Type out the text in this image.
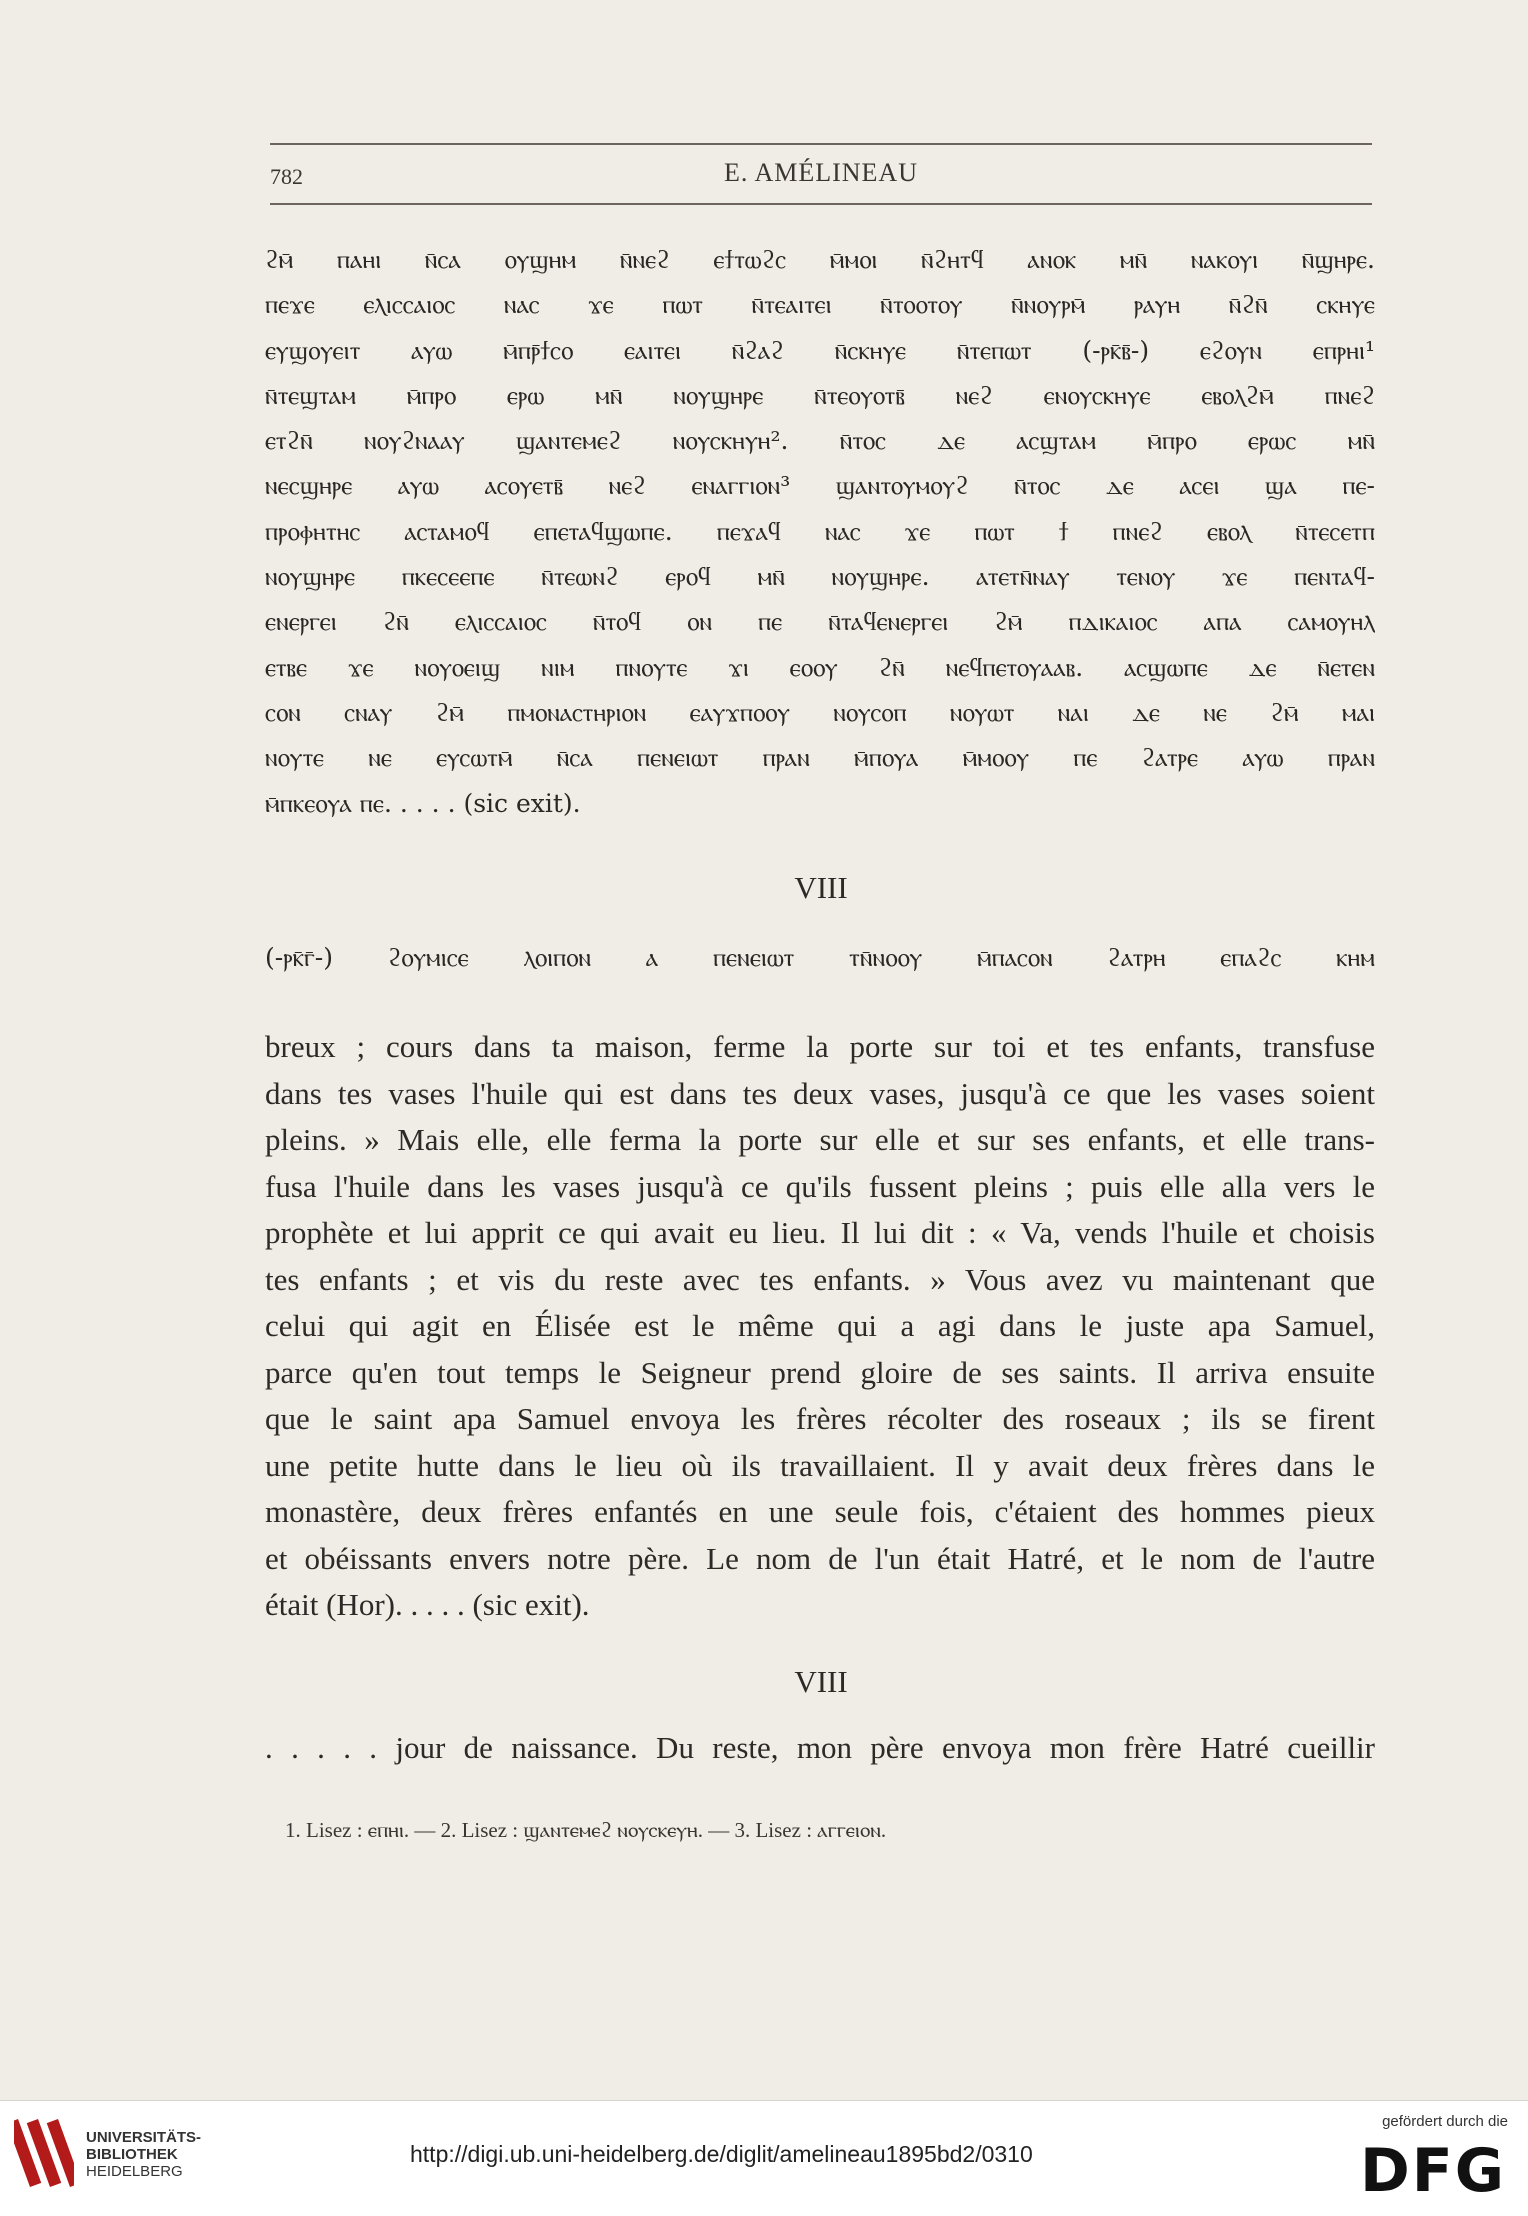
782	E. AMÉLINEAU

ϩⲙ̄ ⲡⲁⲏⲓ ⲛ̄ⲥⲁ ⲟⲩϣⲏⲙ ⲛ̄ⲛⲉϩ ⲉϯⲧⲱϩⲥ ⲙ̄ⲙⲟⲓ ⲛ̄ϩⲏⲧϥ ⲁⲛⲟⲕ ⲙⲛ̄ ⲛⲁⲕⲟⲩⲓ ⲛ̄ϣⲏⲣⲉ.

ⲡⲉϫⲉ ⲉⲗⲓⲥⲥⲁⲓⲟⲥ ⲛⲁⲥ ϫⲉ ⲡⲱⲧ ⲛ̄ⲧⲉⲁⲓⲧⲉⲓ ⲛ̄ⲧⲟⲟⲧⲟⲩ ⲛ̄ⲛⲟⲩⲣⲙ̄ ⲣⲁⲩⲏ ⲛ̄ϩⲛ̄ ⲥⲕⲏⲩⲉ

ⲉⲩϣⲟⲩⲉⲓⲧ ⲁⲩⲱ ⲙ̄ⲡⲣ̄ϯⲥⲟ ⲉⲁⲓⲧⲉⲓ ⲛ̄ϩⲁϩ ⲛ̄ⲥⲕⲏⲩⲉ ⲛ̄ⲧⲉⲡⲱⲧ (-ⲣⲕ̄ⲃ̄-) ⲉϩⲟⲩⲛ ⲉⲡⲣⲏⲓ¹

ⲛ̄ⲧⲉϣⲧⲁⲙ ⲙ̄ⲡⲣⲟ ⲉⲣⲱ ⲙⲛ̄ ⲛⲟⲩϣⲏⲣⲉ ⲛ̄ⲧⲉⲟⲩⲟⲧⲃ̄ ⲛⲉϩ ⲉⲛⲟⲩⲥⲕⲏⲩⲉ ⲉⲃⲟⲗϩⲙ̄ ⲡⲛⲉϩ

ⲉⲧϩⲛ̄ ⲛⲟⲩϩⲛⲁⲁⲩ ϣⲁⲛⲧⲉⲙⲉϩ ⲛⲟⲩⲥⲕⲏⲩⲏ². ⲛ̄ⲧⲟⲥ ⲇⲉ ⲁⲥϣⲧⲁⲙ ⲙ̄ⲡⲣⲟ ⲉⲣⲱⲥ ⲙⲛ̄

ⲛⲉⲥϣⲏⲣⲉ ⲁⲩⲱ ⲁⲥⲟⲩⲉⲧⲃ̄ ⲛⲉϩ ⲉⲛⲁⲅⲅⲓⲟⲛ³ ϣⲁⲛⲧⲟⲩⲙⲟⲩϩ ⲛ̄ⲧⲟⲥ ⲇⲉ ⲁⲥⲉⲓ ϣⲁ ⲡⲉ-

ⲡⲣⲟⲫⲏⲧⲏⲥ ⲁⲥⲧⲁⲙⲟϥ ⲉⲡⲉⲧⲁϥϣⲱⲡⲉ. ⲡⲉϫⲁϥ ⲛⲁⲥ ϫⲉ ⲡⲱⲧ ϯ ⲡⲛⲉϩ ⲉⲃⲟⲗ ⲛ̄ⲧⲉⲥⲉⲧⲡ

ⲛⲟⲩϣⲏⲣⲉ ⲡⲕⲉⲥⲉⲉⲡⲉ ⲛ̄ⲧⲉⲱⲛϩ ⲉⲣⲟϥ ⲙⲛ̄ ⲛⲟⲩϣⲏⲣⲉ. ⲁⲧⲉⲧⲛ̄ⲛⲁⲩ ⲧⲉⲛⲟⲩ ϫⲉ ⲡⲉⲛⲧⲁϥ-

ⲉⲛⲉⲣⲅⲉⲓ ϩⲛ̄ ⲉⲗⲓⲥⲥⲁⲓⲟⲥ ⲛ̄ⲧⲟϥ ⲟⲛ ⲡⲉ ⲛ̄ⲧⲁϥⲉⲛⲉⲣⲅⲉⲓ ϩⲙ̄ ⲡⲇⲓⲕⲁⲓⲟⲥ ⲁⲡⲁ ⲥⲁⲙⲟⲩⲏⲗ

ⲉⲧⲃⲉ ϫⲉ ⲛⲟⲩⲟⲉⲓϣ ⲛⲓⲙ ⲡⲛⲟⲩⲧⲉ ϫⲓ ⲉⲟⲟⲩ ϩⲛ̄ ⲛⲉϥⲡⲉⲧⲟⲩⲁⲁⲃ. ⲁⲥϣⲱⲡⲉ ⲇⲉ ⲛ̄ⲉⲧⲉⲛ

ⲥⲟⲛ ⲥⲛⲁⲩ ϩⲙ̄ ⲡⲙⲟⲛⲁⲥⲧⲏⲣⲓⲟⲛ ⲉⲁⲩϫⲡⲟⲟⲩ ⲛⲟⲩⲥⲟⲡ ⲛⲟⲩⲱⲧ ⲛⲁⲓ ⲇⲉ ⲛⲉ ϩⲙ̄ ⲙⲁⲓ

ⲛⲟⲩⲧⲉ ⲛⲉ ⲉⲩⲥⲱⲧⲙ̄ ⲛ̄ⲥⲁ ⲡⲉⲛⲉⲓⲱⲧ ⲡⲣⲁⲛ ⲙ̄ⲡⲟⲩⲁ ⲙ̄ⲙⲟⲟⲩ ⲡⲉ ϩⲁⲧⲣⲉ ⲁⲩⲱ ⲡⲣⲁⲛ

ⲙ̄ⲡⲕⲉⲟⲩⲁ ⲡⲉ. . . . . (sic exit).

VIII

(-ⲣⲕ̄ⲅ̄-) ϩⲟⲩⲙⲓⲥⲉ ⲗⲟⲓⲡⲟⲛ ⲁ ⲡⲉⲛⲉⲓⲱⲧ ⲧⲛ̄ⲛⲟⲟⲩ ⲙ̄ⲡⲁⲥⲟⲛ ϩⲁⲧⲣⲏ ⲉⲡⲁϩⲥ ⲕⲏⲙ

breux ; cours dans ta maison, ferme la porte sur toi et tes enfants, transfuse

dans tes vases l'huile qui est dans tes deux vases, jusqu'à ce que les vases soient

pleins. » Mais elle, elle ferma la porte sur elle et sur ses enfants, et elle trans-

fusa l'huile dans les vases jusqu'à ce qu'ils fussent pleins ; puis elle alla vers le

prophète et lui apprit ce qui avait eu lieu. Il lui dit : « Va, vends l'huile et choisis

tes enfants ; et vis du reste avec tes enfants. » Vous avez vu maintenant que

celui qui agit en Élisée est le même qui a agi dans le juste apa Samuel,

parce qu'en tout temps le Seigneur prend gloire de ses saints. Il arriva ensuite

que le saint apa Samuel envoya les frères récolter des roseaux ; ils se firent

une petite hutte dans le lieu où ils travaillaient. Il y avait deux frères dans le

monastère, deux frères enfantés en une seule fois, c'étaient des hommes pieux

et obéissants envers notre père. Le nom de l'un était Hatré, et le nom de l'autre

était (Hor). . . . . (sic exit).

VIII

. . . . . jour de naissance. Du reste, mon père envoya mon frère Hatré cueillir

1. Lisez : ⲉⲡⲏⲓ. — 2. Lisez : ϣⲁⲛⲧⲉⲙⲉϩ ⲛⲟⲩⲥⲕⲉⲩⲏ. — 3. Lisez : ⲁⲅⲅⲉⲓⲟⲛ.
UNIVERSITÄTS-
BIBLIOTHEK
HEIDELBERG
http://digi.ub.uni-heidelberg.de/diglit/amelineau1895bd2/0310
gefördert durch die
DFG
